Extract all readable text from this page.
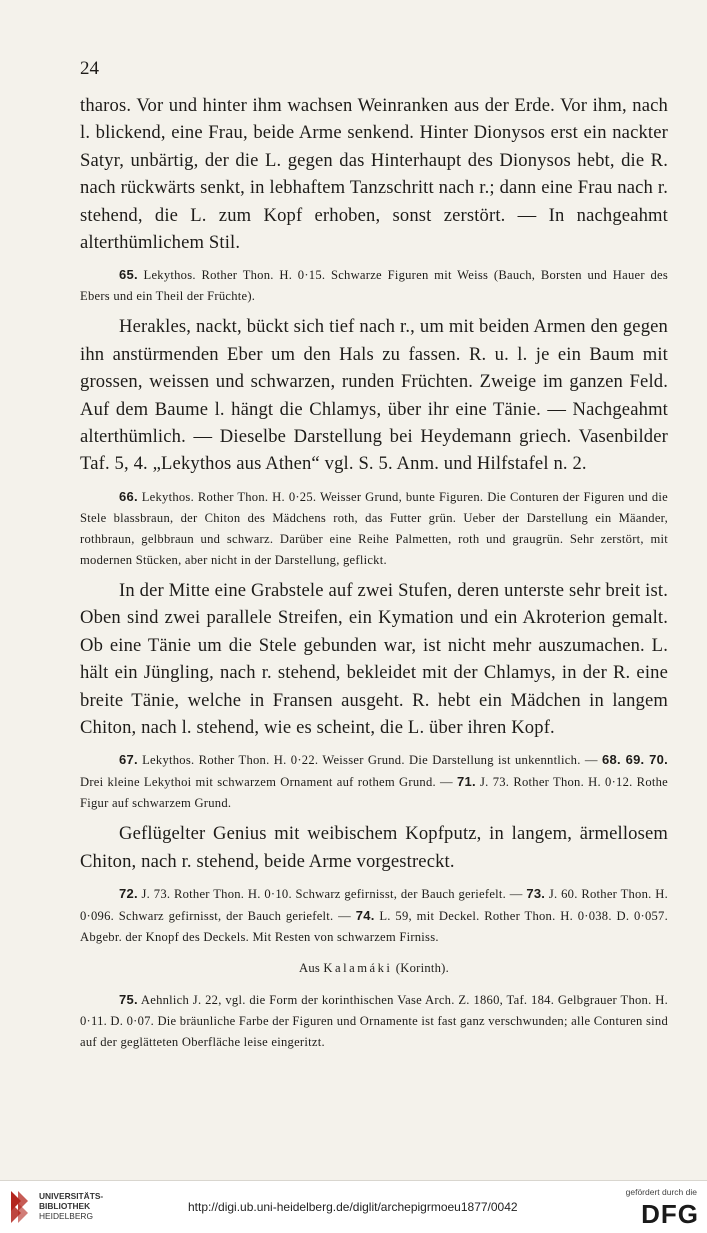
24

tharos. Vor und hinter ihm wachsen Weinranken aus der Erde. Vor ihm, nach l. blickend, eine Frau, beide Arme senkend. Hinter Dionysos erst ein nackter Satyr, unbärtig, der die L. gegen das Hinterhaupt des Dionysos hebt, die R. nach rückwärts senkt, in lebhaftem Tanzschritt nach r.; dann eine Frau nach r. stehend, die L. zum Kopf erhoben, sonst zerstört. — In nachgeahmt alterthümlichem Stil.

65. Lekythos. Rother Thon. H. 0·15. Schwarze Figuren mit Weiss (Bauch, Borsten und Hauer des Ebers und ein Theil der Früchte).

Herakles, nackt, bückt sich tief nach r., um mit beiden Armen den gegen ihn anstürmenden Eber um den Hals zu fassen. R. u. l. je ein Baum mit grossen, weissen und schwarzen, runden Früchten. Zweige im ganzen Feld. Auf dem Baume l. hängt die Chlamys, über ihr eine Tänie. — Nachgeahmt alterthümlich. — Dieselbe Darstellung bei Heydemann griech. Vasenbilder Taf. 5, 4. „Lekythos aus Athen“ vgl. S. 5. Anm. und Hilfstafel n. 2.

66. Lekythos. Rother Thon. H. 0·25. Weisser Grund, bunte Figuren. Die Conturen der Figuren und die Stele blassbraun, der Chiton des Mädchens roth, das Futter grün. Ueber der Darstellung ein Mäander, rothbraun, gelbbraun und schwarz. Darüber eine Reihe Palmetten, roth und graugrün. Sehr zerstört, mit modernen Stücken, aber nicht in der Darstellung, geflickt.

In der Mitte eine Grabstele auf zwei Stufen, deren unterste sehr breit ist. Oben sind zwei parallele Streifen, ein Kymation und ein Akroterion gemalt. Ob eine Tänie um die Stele gebunden war, ist nicht mehr auszumachen. L. hält ein Jüngling, nach r. stehend, bekleidet mit der Chlamys, in der R. eine breite Tänie, welche in Fransen ausgeht. R. hebt ein Mädchen in langem Chiton, nach l. stehend, wie es scheint, die L. über ihren Kopf.

67. Lekythos. Rother Thon. H. 0·22. Weisser Grund. Die Darstellung ist unkenntlich. — 68. 69. 70. Drei kleine Lekythoi mit schwarzem Ornament auf rothem Grund. — 71. J. 73. Rother Thon. H. 0·12. Rothe Figur auf schwarzem Grund.

Geflügelter Genius mit weibischem Kopfputz, in langem, ärmellosem Chiton, nach r. stehend, beide Arme vorgestreckt.

72. J. 73. Rother Thon. H. 0·10. Schwarz gefirnisst, der Bauch geriefelt. — 73. J. 60. Rother Thon. H. 0·096. Schwarz gefirnisst, der Bauch geriefelt. — 74. L. 59, mit Deckel. Rother Thon. H. 0·038. D. 0·057. Abgebr. der Knopf des Deckels. Mit Resten von schwarzem Firniss.

Aus Kalamáki (Korinth).

75. Aehnlich J. 22, vgl. die Form der korinthischen Vase Arch. Z. 1860, Taf. 184. Gelbgrauer Thon. H. 0·11. D. 0·07. Die bräunliche Farbe der Figuren und Ornamente ist fast ganz verschwunden; alle Conturen sind auf der geglätteten Oberfläche leise eingeritzt.

UNIVERSITÄTS-
BIBLIOTHEK
HEIDELBERG
http://digi.ub.uni-heidelberg.de/diglit/archepigrmoeu1877/0042
gefördert durch die
DFG
